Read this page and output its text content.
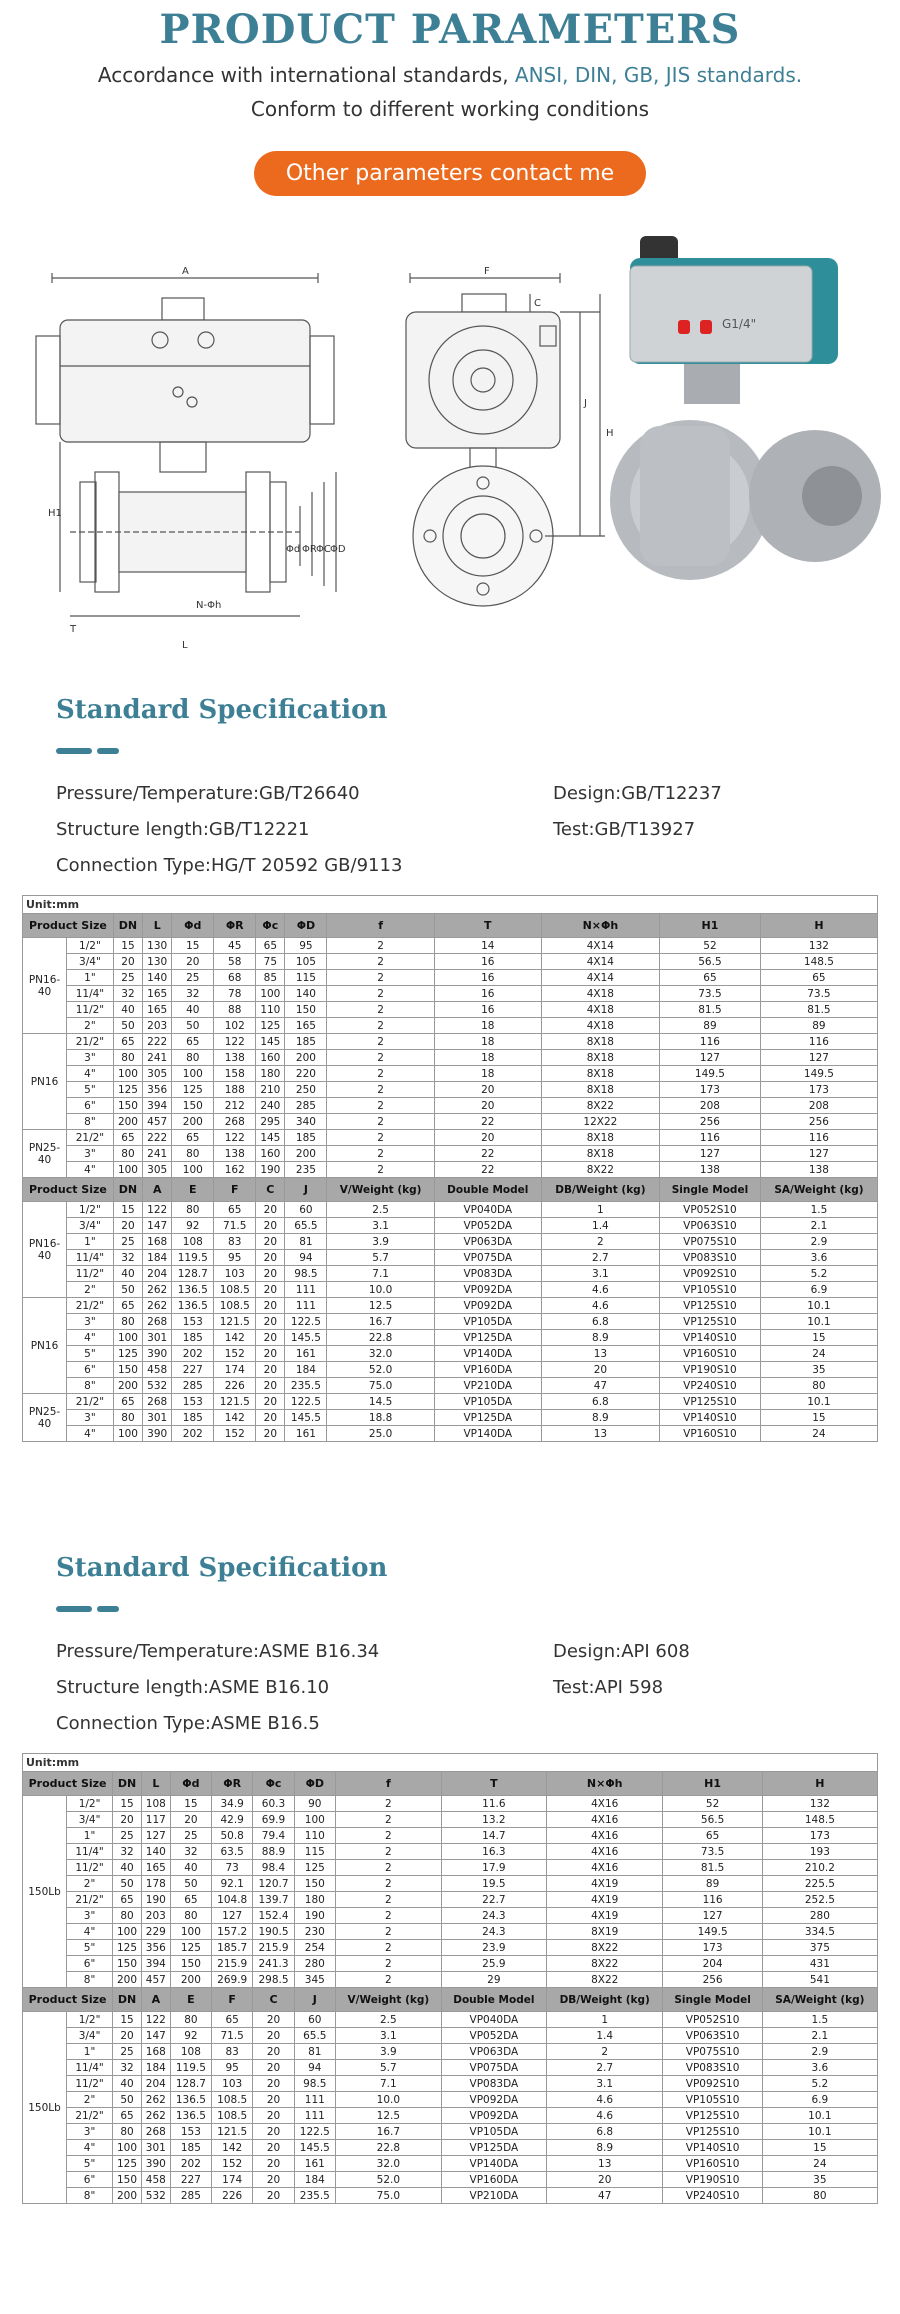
PRODUCT PARAMETERS
Accordance with international standards, ANSI, DIN, GB, JIS standards.
Conform to different working conditions
Other parameters contact me
A	F
H1
H
J
C
Φd ΦR ΦC ΦD
T
L
N-Φh
G1/4"
Standard Specification

Pressure/Temperature:GB/T26640	Design:GB/T12237
Structure length:GB/T12221	Test:GB/T13927
Connection Type:HG/T 20592 GB/9113
Unit:mm
Product Size		DN	L	Φd	ΦR	Φc	ΦD	f	T	N×Φh	H1	H
PN16-40	1/2"	15	130	15	45	65	95	2	14	4X14	52	132
	3/4"	20	130	20	58	75	105	2	16	4X14	56.5	148.5
	1"	25	140	25	68	85	115	2	16	4X14	65	65
	11/4"	32	165	32	78	100	140	2	16	4X18	73.5	73.5
	11/2"	40	165	40	88	110	150	2	16	4X18	81.5	81.5
	2"	50	203	50	102	125	165	2	18	4X18	89	89
PN16	21/2"	65	222	65	122	145	185	2	18	8X18	116	116
	3"	80	241	80	138	160	200	2	18	8X18	127	127
	4"	100	305	100	158	180	220	2	18	8X18	149.5	149.5
	5"	125	356	125	188	210	250	2	20	8X18	173	173
	6"	150	394	150	212	240	285	2	20	8X22	208	208
	8"	200	457	200	268	295	340	2	22	12X22	256	256
PN25-40	21/2"	65	222	65	122	145	185	2	20	8X18	116	116
	3"	80	241	80	138	160	200	2	22	8X18	127	127
	4"	100	305	100	162	190	235	2	22	8X22	138	138
Product Size		DN	A	E	F	C	J	V/Weight (kg)	Double Model	DB/Weight (kg)	Single Model	SA/Weight (kg)
PN16-40	1/2"	15	122	80	65	20	60	2.5	VP040DA	1	VP052S10	1.5
	3/4"	20	147	92	71.5	20	65.5	3.1	VP052DA	1.4	VP063S10	2.1
	1"	25	168	108	83	20	81	3.9	VP063DA	2	VP075S10	2.9
	11/4"	32	184	119.5	95	20	94	5.7	VP075DA	2.7	VP083S10	3.6
	11/2"	40	204	128.7	103	20	98.5	7.1	VP083DA	3.1	VP092S10	5.2
	2"	50	262	136.5	108.5	20	111	10.0	VP092DA	4.6	VP105S10	6.9
PN16	21/2"	65	262	136.5	108.5	20	111	12.5	VP092DA	4.6	VP125S10	10.1
	3"	80	268	153	121.5	20	122.5	16.7	VP105DA	6.8	VP125S10	10.1
	4"	100	301	185	142	20	145.5	22.8	VP125DA	8.9	VP140S10	15
	5"	125	390	202	152	20	161	32.0	VP140DA	13	VP160S10	24
	6"	150	458	227	174	20	184	52.0	VP160DA	20	VP190S10	35
	8"	200	532	285	226	20	235.5	75.0	VP210DA	47	VP240S10	80
PN25-40	21/2"	65	268	153	121.5	20	122.5	14.5	VP105DA	6.8	VP125S10	10.1
	3"	80	301	185	142	20	145.5	18.8	VP125DA	8.9	VP140S10	15
	4"	100	390	202	152	20	161	25.0	VP140DA	13	VP160S10	24
Standard Specification

Pressure/Temperature:ASME B16.34	Design:API 608
Structure length:ASME B16.10	Test:API 598
Connection Type:ASME B16.5
Unit:mm
Product Size		DN	L	Φd	ΦR	Φc	ΦD	f	T	N×Φh	H1	H
150Lb	1/2"	15	108	15	34.9	60.3	90	2	11.6	4X16	52	132
	3/4"	20	117	20	42.9	69.9	100	2	13.2	4X16	56.5	148.5
	1"	25	127	25	50.8	79.4	110	2	14.7	4X16	65	173
	11/4"	32	140	32	63.5	88.9	115	2	16.3	4X16	73.5	193
	11/2"	40	165	40	73	98.4	125	2	17.9	4X16	81.5	210.2
	2"	50	178	50	92.1	120.7	150	2	19.5	4X19	89	225.5
	21/2"	65	190	65	104.8	139.7	180	2	22.7	4X19	116	252.5
	3"	80	203	80	127	152.4	190	2	24.3	4X19	127	280
	4"	100	229	100	157.2	190.5	230	2	24.3	8X19	149.5	334.5
	5"	125	356	125	185.7	215.9	254	2	23.9	8X22	173	375
	6"	150	394	150	215.9	241.3	280	2	25.9	8X22	204	431
	8"	200	457	200	269.9	298.5	345	2	29	8X22	256	541
Product Size		DN	A	E	F	C	J	V/Weight (kg)	Double Model	DB/Weight (kg)	Single Model	SA/Weight (kg)
150Lb	1/2"	15	122	80	65	20	60	2.5	VP040DA	1	VP052S10	1.5
	3/4"	20	147	92	71.5	20	65.5	3.1	VP052DA	1.4	VP063S10	2.1
	1"	25	168	108	83	20	81	3.9	VP063DA	2	VP075S10	2.9
	11/4"	32	184	119.5	95	20	94	5.7	VP075DA	2.7	VP083S10	3.6
	11/2"	40	204	128.7	103	20	98.5	7.1	VP083DA	3.1	VP092S10	5.2
	2"	50	262	136.5	108.5	20	111	10.0	VP092DA	4.6	VP105S10	6.9
	21/2"	65	262	136.5	108.5	20	111	12.5	VP092DA	4.6	VP125S10	10.1
	3"	80	268	153	121.5	20	122.5	16.7	VP105DA	6.8	VP125S10	10.1
	4"	100	301	185	142	20	145.5	22.8	VP125DA	8.9	VP140S10	15
	5"	125	390	202	152	20	161	32.0	VP140DA	13	VP160S10	24
	6"	150	458	227	174	20	184	52.0	VP160DA	20	VP190S10	35
	8"	200	532	285	226	20	235.5	75.0	VP210DA	47	VP240S10	80
